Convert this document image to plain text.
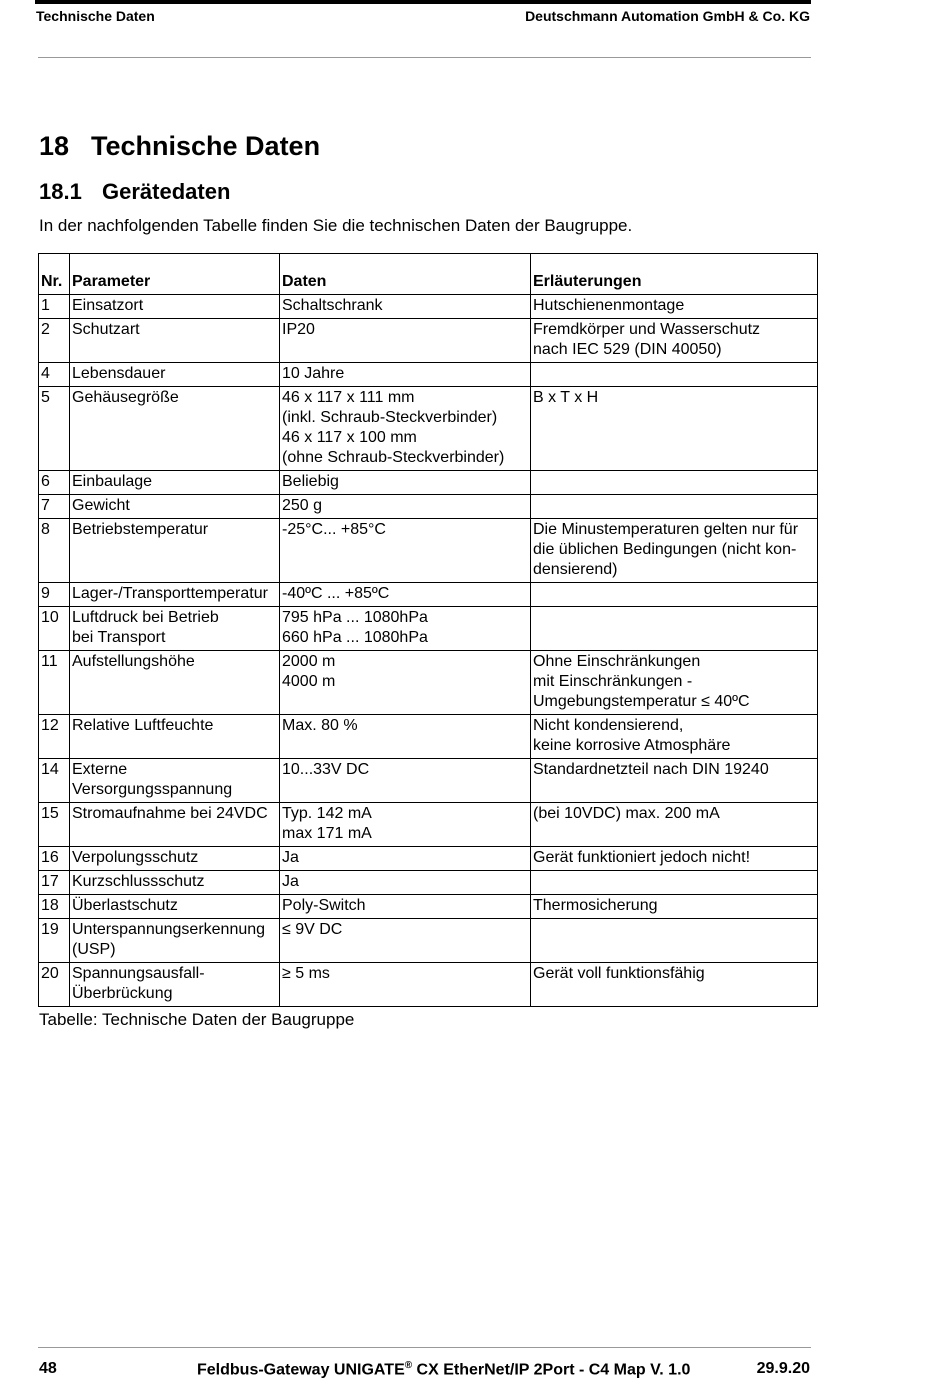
Technische Daten	Deutschmann Automation GmbH & Co. KG
18 Technische Daten
18.1 Gerätedaten

In der nachfolgenden Tabelle finden Sie die technischen Daten der Baugruppe.

Nr.	Parameter	Daten	Erläuterungen
1	Einsatzort	Schaltschrank	Hutschienenmontage
2	Schutzart	IP20	Fremdkörper und Wasserschutz
nach IEC 529 (DIN 40050)
4	Lebensdauer	10 Jahre	
5	Gehäusegröße	46 x 117 x 111 mm
(inkl. Schraub-Steckverbinder)
46 x 117 x 100 mm
(ohne Schraub-Steckverbinder)	B x T x H
6	Einbaulage	Beliebig	
7	Gewicht	250 g	
8	Betriebstemperatur	-25°C... +85°C	Die Minustemperaturen gelten nur für
die üblichen Bedingungen (nicht kon-
densierend)
9	Lager-/Transporttemperatur	-40ºC ... +85ºC	
10	Luftdruck bei Betrieb
bei Transport	795 hPa ... 1080hPa
660 hPa ... 1080hPa	
11	Aufstellungshöhe	2000 m
4000 m	Ohne Einschränkungen
mit Einschränkungen -
Umgebungstemperatur ≤ 40ºC
12	Relative Luftfeuchte	Max. 80 %	Nicht kondensierend,
keine korrosive Atmosphäre
14	Externe
Versorgungsspannung	10...33V DC	Standardnetzteil nach DIN 19240
15	Stromaufnahme bei 24VDC	Typ. 142 mA
max 171 mA	(bei 10VDC) max. 200 mA
16	Verpolungsschutz	Ja	Gerät funktioniert jedoch nicht!
17	Kurzschlussschutz	Ja	
18	Überlastschutz	Poly-Switch	Thermosicherung
19	Unterspannungserkennung
(USP)	≤ 9V DC	
20	Spannungsausfall-
Überbrückung	≥ 5 ms	Gerät voll funktionsfähig

Tabelle: Technische Daten der Baugruppe

48	Feldbus-Gateway UNIGATE® CX EtherNet/IP 2Port - C4 Map V. 1.0	29.9.20
